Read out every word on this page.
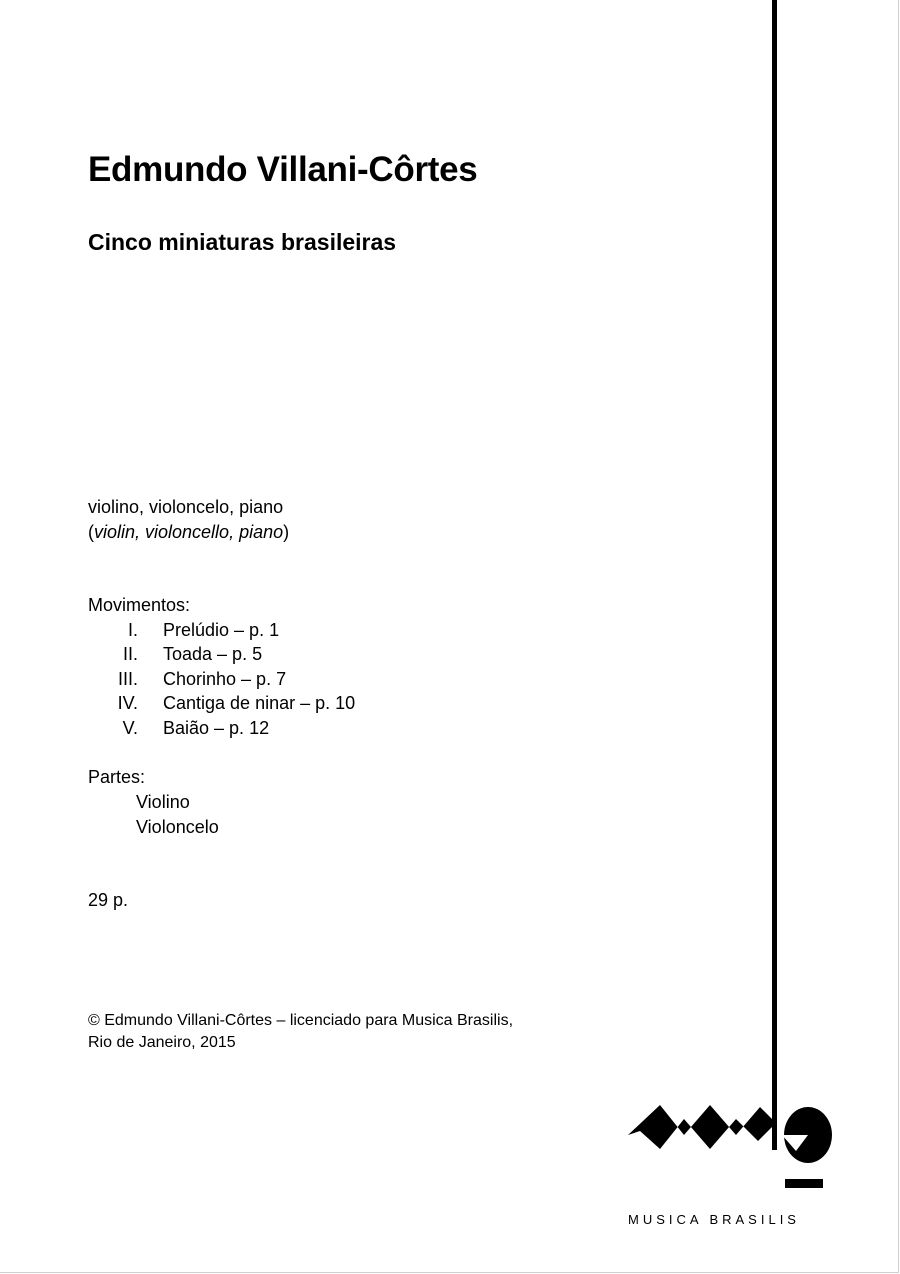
Edmundo Villani-Côrtes
Cinco miniaturas brasileiras
violino, violoncelo, piano
(violin, violoncello, piano)
Movimentos:
I.	Prelúdio – p. 1
II.	Toada – p. 5
III.	Chorinho – p. 7
IV.	Cantiga de ninar – p. 10
V.	Baião – p. 12
Partes:
Violino
Violoncelo
29 p.
© Edmundo Villani-Côrtes – licenciado para Musica Brasilis,
Rio de Janeiro, 2015
MUSICA BRASILIS
